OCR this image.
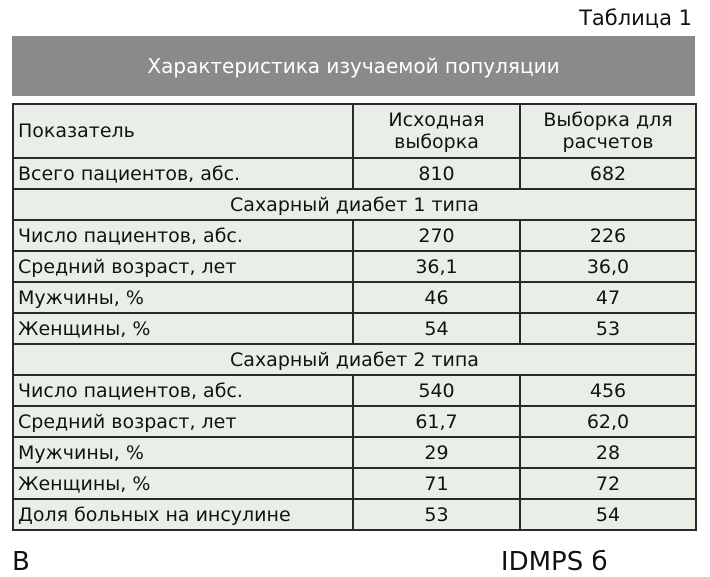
Таблица 1
Характеристика изучаемой популяции
Показатель	Исходная выборка	Выборка для расчетов
Всего пациентов, абс.	810	682
Сахарный диабет 1 типа		
Число пациентов, абс.	270	226
Средний возраст, лет	36,1	36,0
Мужчины, %	46	47
Женщины, %	54	53
Сахарный диабет 2 типа		
Число пациентов, абс.	540	456
Средний возраст, лет	61,7	62,0
Мужчины, %	29	28
Женщины, %	71	72
Доля больных на инсулине	53	54
В                                                         IDMPS б
